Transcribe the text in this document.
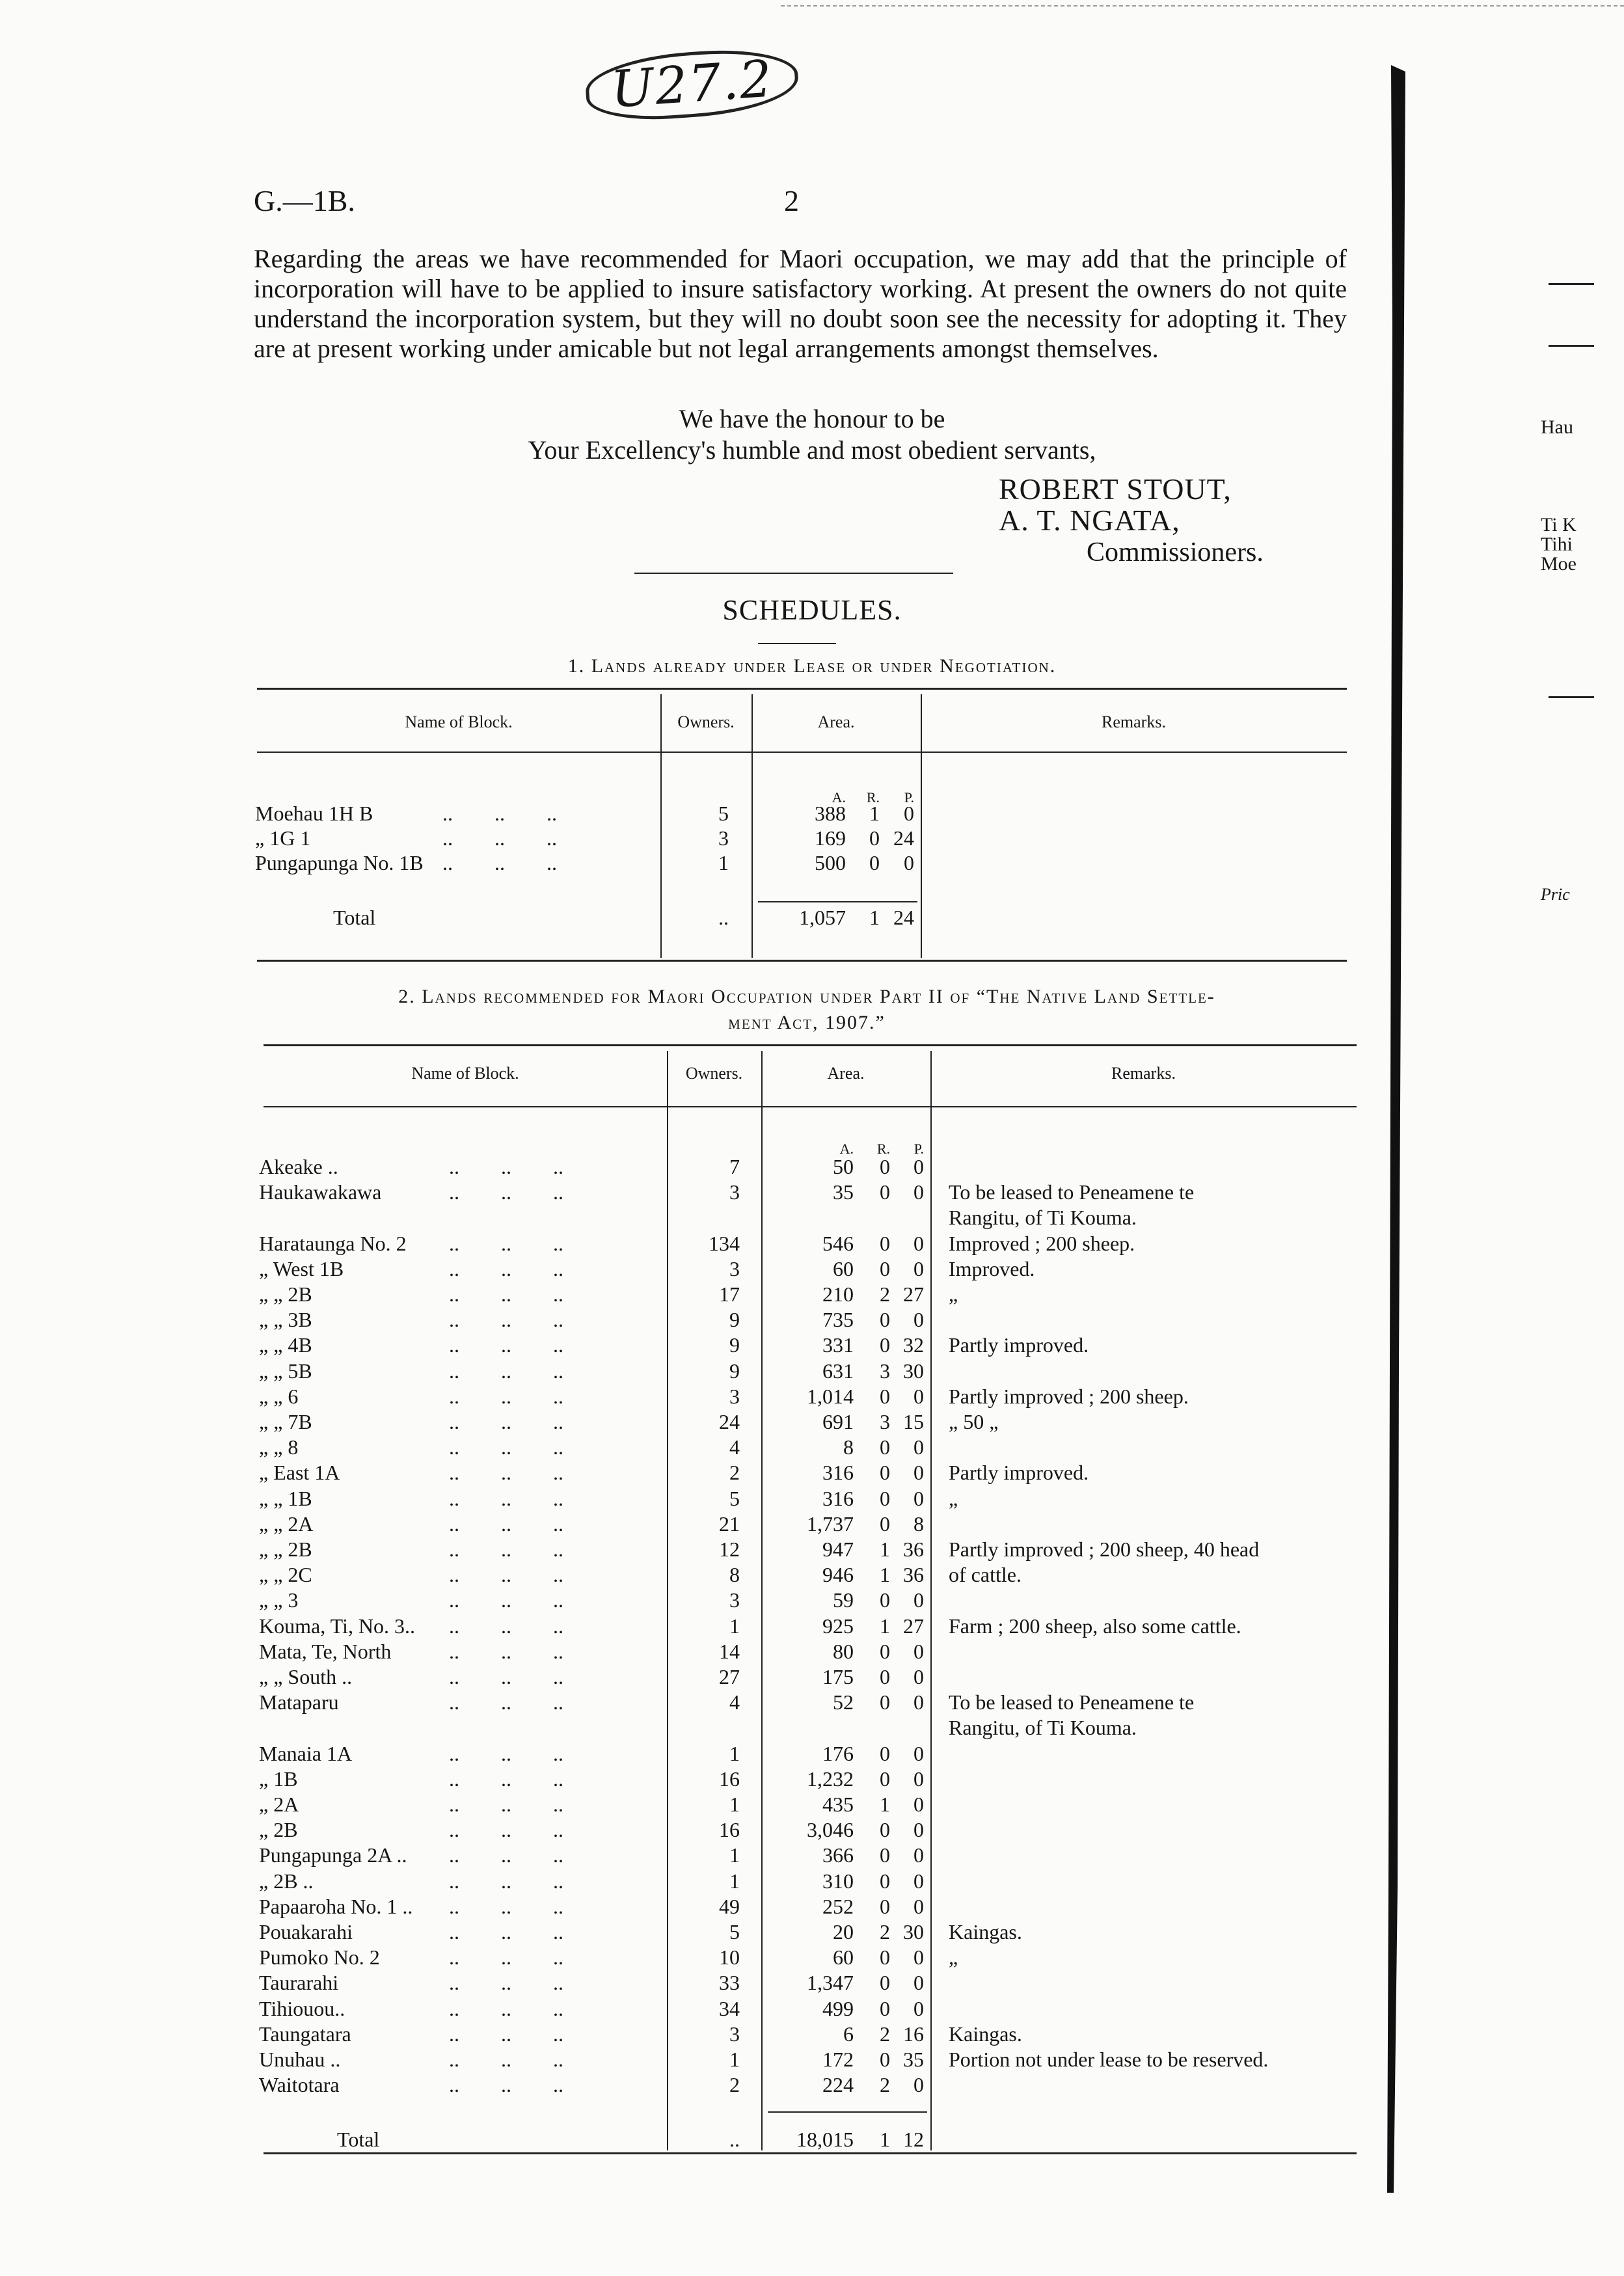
U27.2
G.—1B.	2
Regarding the areas we have recommended for Maori occupation, we may add that the principle of incorporation will have to be applied to insure satisfactory working. At present the owners do not quite understand the incorporation system, but they will no doubt soon see the necessity for adopting it. They are at present working under amicable but not legal arrangements amongst themselves.
We have the honour to be
Your Excellency's humble and most obedient servants,
ROBERT STOUT,
A. T. NGATA,
Commissioners.
SCHEDULES.
1. Lands already under Lease or under Negotiation.
Name of Block.	Owners.	Area.	Remarks.
2. Lands recommended for Maori Occupation under Part II of “The Native Land Settle-
ment Act, 1907.”
Name of Block.	Owners.	Area.	Remarks.
Hau
Ti K
Tihi
Moe
Pric
A.	R.	P.
Moehau 1H B	..        ..        ..	5	388	1	0
„ 1G 1	..        ..        ..	3	169	0 24
Pungapunga No. 1B ..        ..        ..	1	500	0	0
Total	..	1,057	1 24
A.	R.	P.
Akeake ..	..        ..        ..	7	50	0	0
Haukawakawa	..        ..        ..	3	35	0	0 To be leased to Peneamene te
Rangitu, of Ti Kouma.
Harataunga No. 2 ..        ..        ..	134	546	0	0 Improved ; 200 sheep.
„ West 1B	..        ..        ..	3	60	0	0 Improved.
„ „ 2B	..        ..        ..	17	210	2 27 „
„ „ 3B	..        ..        ..	9	735	0	0
„ „ 4B	..        ..        ..	9	331	0 32 Partly improved.
„ „ 5B	..        ..        ..	9	631	3 30
„ „ 6	..        ..        ..	3	1,014	0	0 Partly improved ; 200 sheep.
„ „ 7B	..        ..        ..	24	691	3 15 „ 50 „
„ „ 8	..        ..        ..	4	8	0	0
„ East 1A	..        ..        ..	2	316	0	0 Partly improved.
„ „ 1B	..        ..        ..	5	316	0	0 „
„ „ 2A	..        ..        ..	21	1,737	0	8
„ „ 2B	..        ..        ..	12	947	1 36 Partly improved ; 200 sheep, 40 head
„ „ 2C	..        ..        ..	8	946	1 36 of cattle.
„ „ 3	..        ..        ..	3	59	0	0
Kouma, Ti, No. 3.. ..        ..        ..	1	925	1 27 Farm ; 200 sheep, also some cattle.
Mata, Te, North	..        ..        ..	14	80	0	0
„ „ South ..	..        ..        ..	27	175	0	0
Mataparu	..        ..        ..	4	52	0	0 To be leased to Peneamene te
Rangitu, of Ti Kouma.
Manaia 1A	..        ..        ..	1	176	0	0
„ 1B	..        ..        ..	16	1,232	0	0
„ 2A	..        ..        ..	1	435	1	0
„ 2B	..        ..        ..	16	3,046	0	0
Pungapunga 2A .. ..        ..        ..	1	366	0	0
„ 2B ..	..        ..        ..	1	310	0	0
Papaaroha No. 1 .. ..        ..        ..	49	252	0	0
Pouakarahi	..        ..        ..	5	20	2 30 Kaingas.
Pumoko No. 2	..        ..        ..	10	60	0	0 „
Taurarahi	..        ..        ..	33	1,347	0	0
Tihiouou..	..        ..        ..	34	499	0	0
Taungatara	..        ..        ..	3	6	2 16 Kaingas.
Unuhau ..	..        ..        ..	1	172	0 35 Portion not under lease to be reserved.
Waitotara	..        ..        ..	2	224	2	0
Total	..	18,015	1 12
